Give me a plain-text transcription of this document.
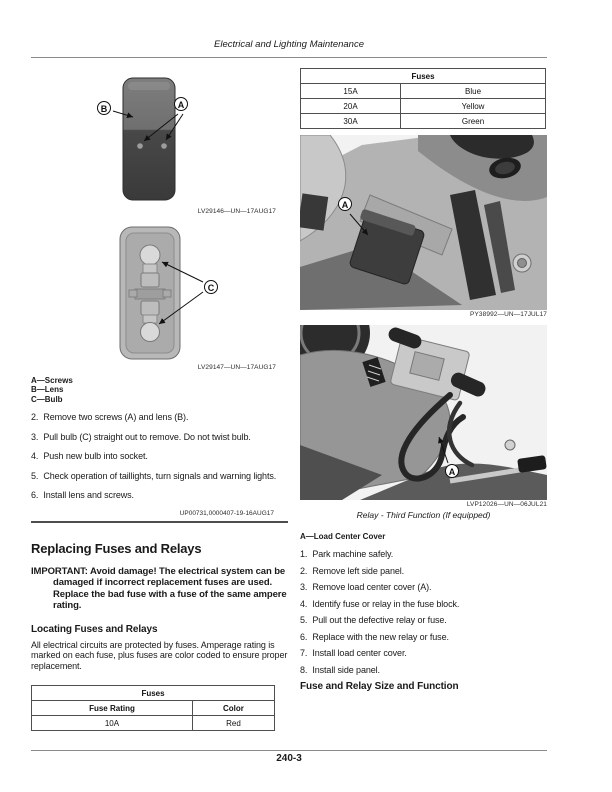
Electrical and Lighting Maintenance
B	A
LV29146—UN—17AUG17
C
LV29147—UN—17AUG17
A—Screws
B—Lens
C—Bulb
2. Remove two screws (A) and lens (B).
3. Pull bulb (C) straight out to remove. Do not twist bulb.
4. Push new bulb into socket.
5. Check operation of taillights, turn signals and warning lights.
6. Install lens and screws.
UP00731,0000407-19-16AUG17
Replacing Fuses and Relays
IMPORTANT: Avoid damage! The electrical system can be damaged if incorrect replacement fuses are used. Replace the bad fuse with a fuse of the same ampere rating.
Locating Fuses and Relays
All electrical circuits are protected by fuses. Amperage rating is marked on each fuse, plus fuses are color coded to ensure proper replacement.
Fuses	
Fuse Rating	Color
10A	Red
Fuses	
15A	Blue
20A	Yellow
30A	Green
A
PY38992—UN—17JUL17
A
LVP12026—UN—06JUL21
Relay - Third Function (If equipped)
A—Load Center Cover
1. Park machine safely.
2. Remove left side panel.
3. Remove load center cover (A).
4. Identify fuse or relay in the fuse block.
5. Pull out the defective relay or fuse.
6. Replace with the new relay or fuse.
7. Install load center cover.
8. Install side panel.
Fuse and Relay Size and Function
240-3
